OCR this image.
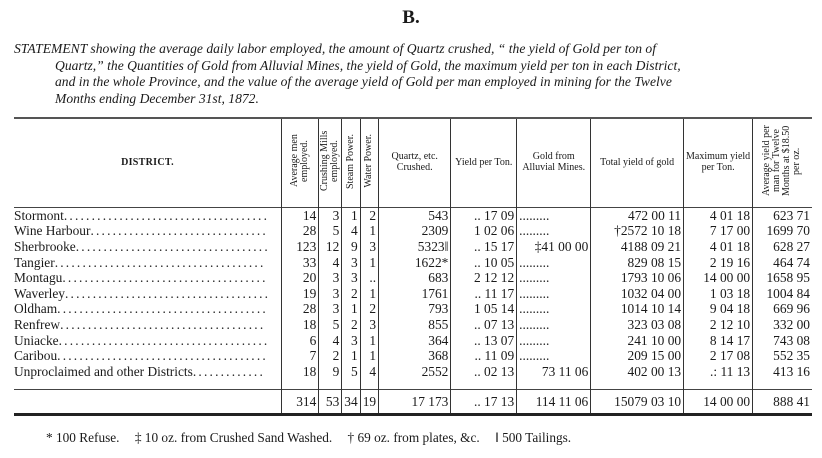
B.
STATEMENT showing the average daily labor employed, the amount of Quartz crushed, “ the yield of Gold per ton of
Quartz,” the Quantities of Gold from Alluvial Mines, the yield of Gold, the maximum yield per ton in each District,
and in the whole Province, and the value of the average yield of Gold per man employed in mining for the Twelve
Months ending December 31st, 1872.
DISTRICT.	Average men employed.	Crushing Mills employed.	Steam Power.	Water Power.	Quartz, etc. Crushed.	Yield per Ton.	Gold from Alluvial Mines.	Total yield of gold	Maximum yield per Ton.	Average yield per man for Twelve Months at $18.50 per oz.
Stormont.....................................	14	3	1	2	543	.. 17 09	.........	472 00 11	4 01 18	623 71
Wine Harbour................................	28	5	4	1	2309	1 02 06	.........	†2572 10 18	7 17 00	1699 70
Sherbrooke...................................	123	12	9	3	5323‖	.. 15 17	‡41 00 00	4188 09 21	4 01 18	628 27
Tangier......................................	33	4	3	1	1622*	.. 10 05	.........	829 08 15	2 19 16	464 74
Montagu.....................................	20	3	3	..	683	2 12 12	.........	1793 10 06	14 00 00	1658 95
Waverley.....................................	19	3	2	1	1761	.. 11 17	.........	1032 04 00	1 03 18	1004 84
Oldham......................................	28	3	1	2	793	1 05 14	.........	1014 10 14	9 04 18	669 96
Renfrew.....................................	18	5	2	3	855	.. 07 13	.........	323 03 08	2 12 10	332 00
Uniacke......................................	6	4	3	1	364	.. 13 07	.........	241 10 00	8 14 17	743 08
Caribou......................................	7	2	1	1	368	.. 11 09	.........	209 15 00	2 17 08	552 35
Unproclaimed and other Districts.............	18	9	5	4	2552	.. 02 13	73 11 06	402 00 13	.: 11 13	413 16

	314	53	34	19	17 173	.. 17 13	114 11 06	15079 03 10	14 00 00	888 41
* 100 Refuse. ‡ 10 oz. from Crushed Sand Washed. † 69 oz. from plates, &c. ‖ 500 Tailings.
